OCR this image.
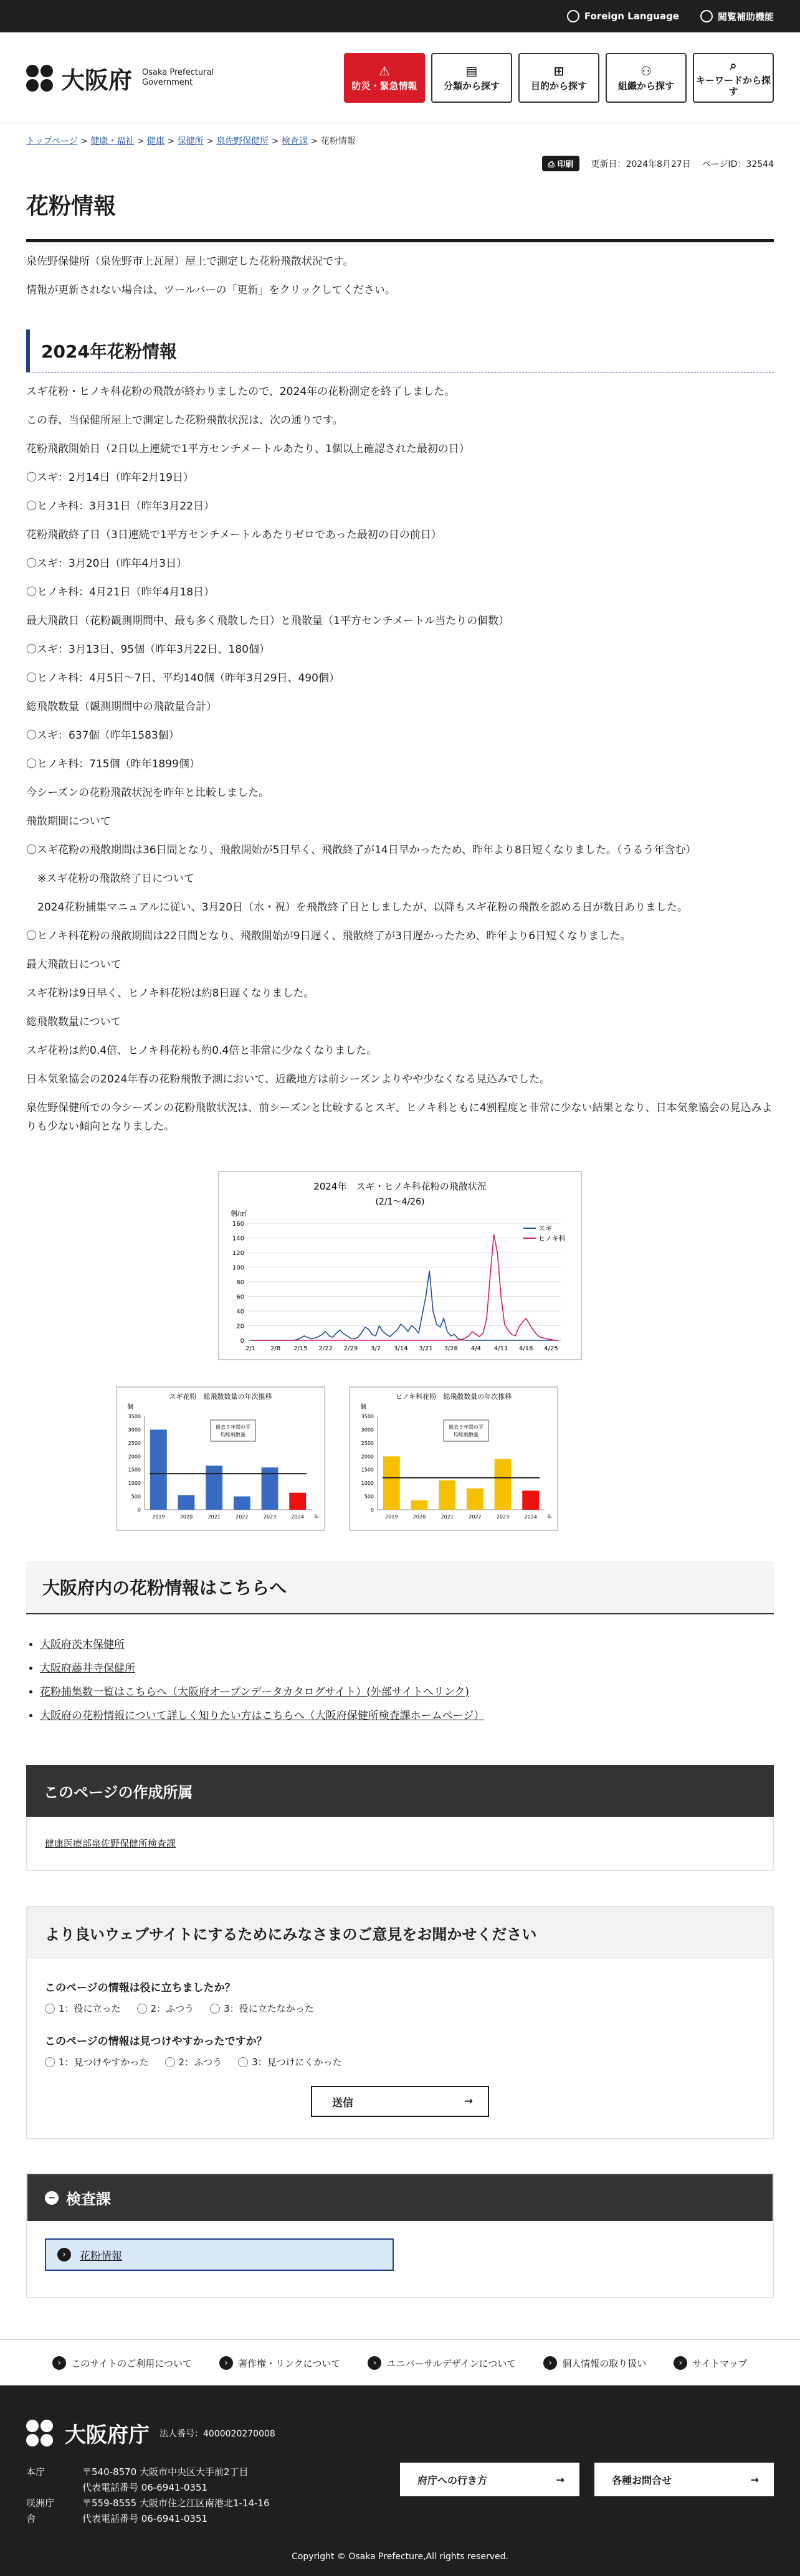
Foreign Language	閲覧補助機能
大阪府 Osaka Prefectural
Government
⚠
防災・緊急情報
▤
分類から探す
⊞
目的から探す
⚇
組織から探す
⌕
キーワードから探す
トップページ > 健康・福祉 > 健康 > 保健所 > 泉佐野保健所 > 検査課 > 花粉情報
⎙ 印刷	更新日：2024年8月27日 ページID：32544
花粉情報

泉佐野保健所（泉佐野市上瓦屋）屋上で測定した花粉飛散状況です。

情報が更新されない場合は、ツールバーの「更新」をクリックしてください。

2024年花粉情報

スギ花粉・ヒノキ科花粉の飛散が終わりましたので、2024年の花粉測定を終了しました。

この春、当保健所屋上で測定した花粉飛散状況は、次の通りです。

花粉飛散開始日（2日以上連続で1平方センチメートルあたり、1個以上確認された最初の日）

〇スギ：2月14日（昨年2月19日）

〇ヒノキ科：3月31日（昨年3月22日）

花粉飛散終了日（3日連続で1平方センチメートルあたりゼロであった最初の日の前日）

〇スギ：3月20日（昨年4月3日）

〇ヒノキ科：4月21日（昨年4月18日）

最大飛散日（花粉観測期間中、最も多く飛散した日）と飛散量（1平方センチメートル当たりの個数）

〇スギ：3月13日、95個（昨年3月22日、180個）

〇ヒノキ科：4月5日～7日、平均140個（昨年3月29日、490個）

総飛散数量（観測期間中の飛散量合計）

〇スギ：637個（昨年1583個）

〇ヒノキ科：715個（昨年1899個）

今シーズンの花粉飛散状況を昨年と比較しました。

飛散期間について

〇スギ花粉の飛散期間は36日間となり、飛散開始が5日早く、飛散終了が14日早かったため、昨年より8日短くなりました。（うるう年含む）

※スギ花粉の飛散終了日について

2024花粉捕集マニュアルに従い、3月20日（水・祝）を飛散終了日としましたが、以降もスギ花粉の飛散を認める日が数日ありました。

〇ヒノキ科花粉の飛散期間は22日間となり、飛散開始が9日遅く、飛散終了が3日遅かったため、昨年より6日短くなりました。

最大飛散日について

スギ花粉は9日早く、ヒノキ科花粉は約8日遅くなりました。

総飛散数量について

スギ花粉は約0.4倍、ヒノキ科花粉も約0.4倍と非常に少なくなりました。

日本気象協会の2024年春の花粉飛散予測において、近畿地方は前シーズンよりやや少なくなる見込みでした。

泉佐野保健所での今シーズンの花粉飛散状況は、前シーズンと比較するとスギ、ヒノキ科ともに4割程度と非常に少ない結果となり、日本気象協会の見込みよりも少ない傾向となりました。

2024年　スギ・ヒノキ科花粉の飛散状況
(2/1～4/26)
個/㎠
0
20
40
60
80
100
120
140
160
2/1 2/8 2/15 2/22 2/29 3/7 3/14 3/21 3/28 4/4 4/11 4/18 4/25
スギ
ヒノキ科
スギ花粉　総飛散数量の年次推移
個
0
500
1000
1500
2000
2500
3000
3500
2019	2020	2021	2022	2023	2024 年
過去５年間の平
均総飛散量
ヒノキ科花粉　総飛散数量の年次推移
個
0
500
1000
1500
2000
2500
3000
3500
2019	2020	2021	2022	2023	2024 年
過去５年間の平
均総飛散量
大阪府内の花粉情報はこちらへ
• 大阪府茨木保健所
• 大阪府藤井寺保健所
• 花粉捕集数一覧はこちらへ（大阪府オープンデータカタログサイト）(外部サイトへリンク)
• 大阪府の花粉情報について詳しく知りたい方はこちらへ（大阪府保健所検査課ホームページ）
このページの作成所属
健康医療部泉佐野保健所検査課
より良いウェブサイトにするためにみなさまのご意見をお聞かせください
このページの情報は役に立ちましたか？
1：役に立った	2：ふつう	3：役に立たなかった
このページの情報は見つけやすかったですか？
1：見つけやすかった	2：ふつう	3：見つけにくかった
送信	→
− 検査課
›	花粉情報
›	このサイトのご利用について	›	著作権・リンクについて	›	ユニバーサルデザインについて	›	個人情報の取り扱い	›	サイトマップ
大阪府庁 法人番号：4000020270008
本庁	〒540-8570 大阪市中央区大手前2丁目
代表電話番号 06-6941-0351
咲洲庁舎
〒559-8555 大阪市住之江区南港北1-14-16
代表電話番号 06-6941-0351
府庁への行き方	→	各種お問合せ	→
Copyright © Osaka Prefecture,All rights reserved.
